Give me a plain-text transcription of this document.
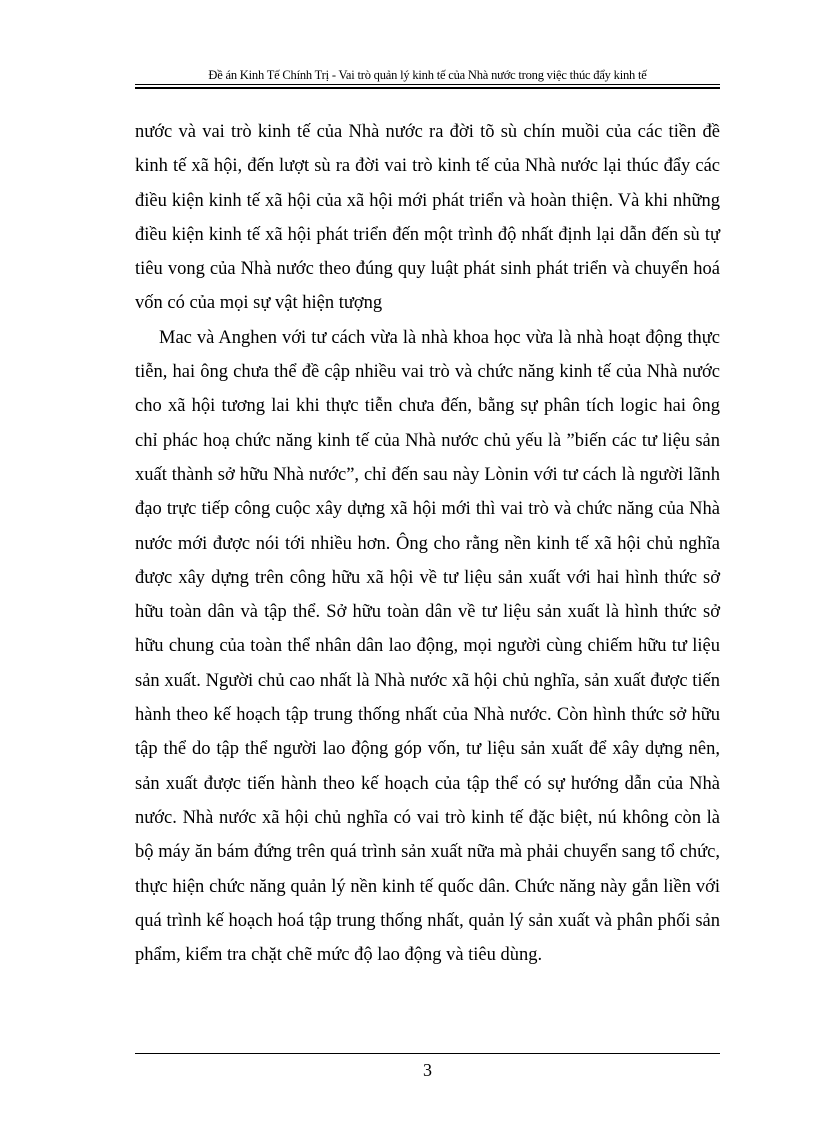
Đề án Kinh Tế Chính Trị - Vai trò quản lý kinh tế của Nhà nước trong việc thúc đẩy kinh tế

nước và vai trò kinh tế của Nhà nước ra đời tõ sù chín muồi của các tiền đề kinh tế xã hội, đến lượt sù ra đời vai trò kinh tế của Nhà nước lại thúc đẩy các điều kiện kinh tế xã hội của xã hội mới phát triển và hoàn thiện. Và khi những điều kiện kinh tế xã hội phát triển đến một trình độ nhất định lại dẫn đến sù tự tiêu vong của Nhà nước theo đúng quy luật phát sinh phát triển và chuyển hoá vốn có của mọi sự vật hiện tượng

Mac và Anghen với tư cách vừa là nhà khoa học vừa là nhà hoạt động thực tiễn, hai ông chưa thể đề cập nhiều vai trò và chức năng kinh tế của Nhà nước cho xã hội tương lai khi thực tiễn chưa đến, bằng sự phân tích logic hai ông chỉ phác hoạ chức năng kinh tế của Nhà nước chủ yếu là ”biến các tư liệu sản xuất thành sở hữu Nhà nước”, chỉ đến sau này Lònin với tư cách là người lãnh đạo trực tiếp công cuộc xây dựng xã hội mới thì vai trò và chức năng của Nhà nước mới được nói tới nhiều hơn. Ông cho rằng nền kinh tế xã hội chủ nghĩa được xây dựng trên công hữu xã hội về tư liệu sản xuất với hai hình thức sở hữu toàn dân và tập thể. Sở hữu toàn dân về tư liệu sản xuất là hình thức sở hữu chung của toàn thể nhân dân lao động, mọi người cùng chiếm hữu tư liệu sản xuất. Người chủ cao nhất là Nhà nước xã hội chủ nghĩa, sản xuất được tiến hành theo kế hoạch tập trung thống nhất của Nhà nước. Còn hình thức sở hữu tập thể do tập thể người lao động góp vốn, tư liệu sản xuất để xây dựng nên, sản xuất được tiến hành theo kế hoạch của tập thể có sự hướng dẫn của Nhà nước. Nhà nước xã hội chủ nghĩa có vai trò kinh tế đặc biệt, nú không còn là bộ máy ăn bám đứng trên quá trình sản xuất nữa mà phải chuyển sang tổ chức, thực hiện chức năng quản lý nền kinh tế quốc dân. Chức năng này gắn liền với quá trình kế hoạch hoá tập trung thống nhất, quản lý sản xuất và phân phối sản phẩm, kiểm tra chặt chẽ mức độ lao động và tiêu dùng.

3
